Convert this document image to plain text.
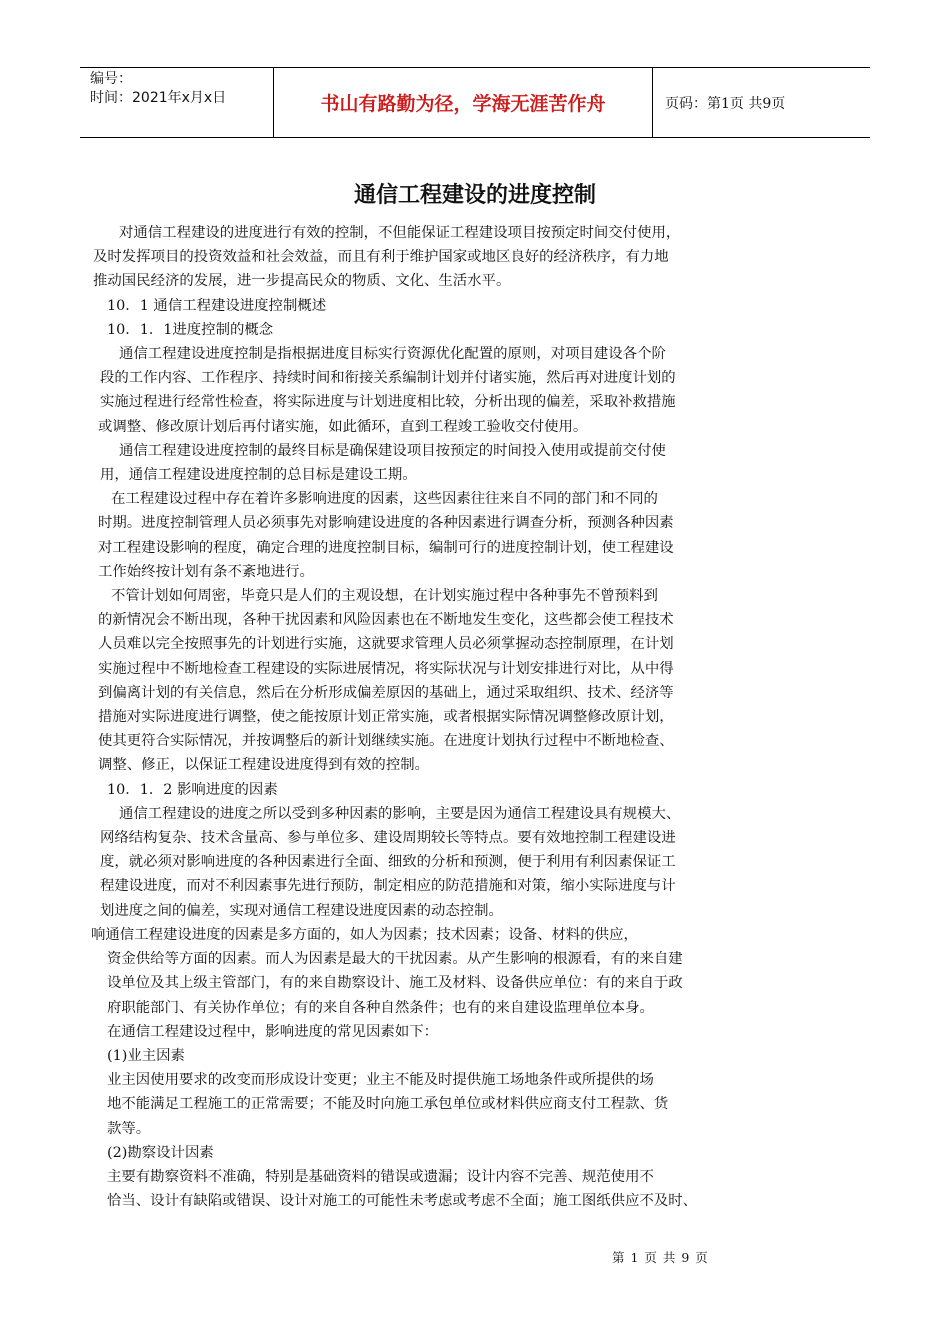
编号：
时间：2021年x月x日	书山有路勤为径，学海无涯苦作舟	页码：第1页 共9页
通信工程建设的进度控制
对通信工程建设的进度进行有效的控制，不但能保证工程建设项目按预定时间交付使用，
及时发挥项目的投资效益和社会效益，而且有利于维护国家或地区良好的经济秩序，有力地
推动国民经济的发展，进一步提高民众的物质、文化、生活水平。
10．1 通信工程建设进度控制概述
10．1．1进度控制的概念
通信工程建设进度控制是指根据进度目标实行资源优化配置的原则，对项目建设各个阶
段的工作内容、工作程序、持续时间和衔接关系编制计划并付诸实施，然后再对进度计划的
实施过程进行经常性检查，将实际进度与计划进度相比较，分析出现的偏差，采取补救措施
或调整、修改原计划后再付诸实施，如此循环，直到工程竣工验收交付使用。
通信工程建设进度控制的最终目标是确保建设项目按预定的时间投入使用或提前交付使
用，通信工程建设进度控制的总目标是建设工期。
在工程建设过程中存在着许多影响进度的因素，这些因素往往来自不同的部门和不同的
时期。进度控制管理人员必须事先对影响建设进度的各种因素进行调查分析，预测各种因素
对工程建设影响的程度，确定合理的进度控制目标，编制可行的进度控制计划，使工程建设
工作始终按计划有条不紊地进行。
不管计划如何周密，毕竟只是人们的主观设想，在计划实施过程中各种事先不曾预料到
的新情况会不断出现，各种干扰因素和风险因素也在不断地发生变化，这些都会使工程技术
人员难以完全按照事先的计划进行实施，这就要求管理人员必须掌握动态控制原理，在计划
实施过程中不断地检查工程建设的实际进展情况，将实际状况与计划安排进行对比，从中得
到偏离计划的有关信息，然后在分析形成偏差原因的基础上，通过采取组织、技术、经济等
措施对实际进度进行调整，使之能按原计划正常实施，或者根据实际情况调整修改原计划，
使其更符合实际情况，并按调整后的新计划继续实施。在进度计划执行过程中不断地检查、
调整、修正，以保证工程建设进度得到有效的控制。
10．1．2 影响进度的因素
通信工程建设的进度之所以受到多种因素的影响，主要是因为通信工程建设具有规模大、
网络结构复杂、技术含量高、参与单位多、建设周期较长等特点。要有效地控制工程建设进
度，就必须对影响进度的各种因素进行全面、细致的分析和预测，便于利用有利因素保证工
程建设进度，而对不利因素事先进行预防，制定相应的防范措施和对策，缩小实际进度与计
划进度之间的偏差，实现对通信工程建设进度因素的动态控制。
响通信工程建设进度的因素是多方面的，如人为因素；技术因素；设备、材料的供应，
资金供给等方面的因素。而人为因素是最大的干扰因素。从产生影响的根源看，有的来自建
设单位及其上级主管部门，有的来自勘察设计、施工及材料、设备供应单位：有的来自于政
府职能部门、有关协作单位；有的来自各种自然条件；也有的来自建设监理单位本身。
在通信工程建设过程中，影响进度的常见因素如下：
(1)业主因素
业主因使用要求的改变而形成设计变更；业主不能及时提供施工场地条件或所提供的场
地不能满足工程施工的正常需要；不能及时向施工承包单位或材料供应商支付工程款、货
款等。
(2)勘察设计因素
主要有勘察资料不准确，特别是基础资料的错误或遗漏；设计内容不完善、规范使用不
恰当、设计有缺陷或错误、设计对施工的可能性未考虑或考虑不全面；施工图纸供应不及时、
第 1 页 共 9 页
